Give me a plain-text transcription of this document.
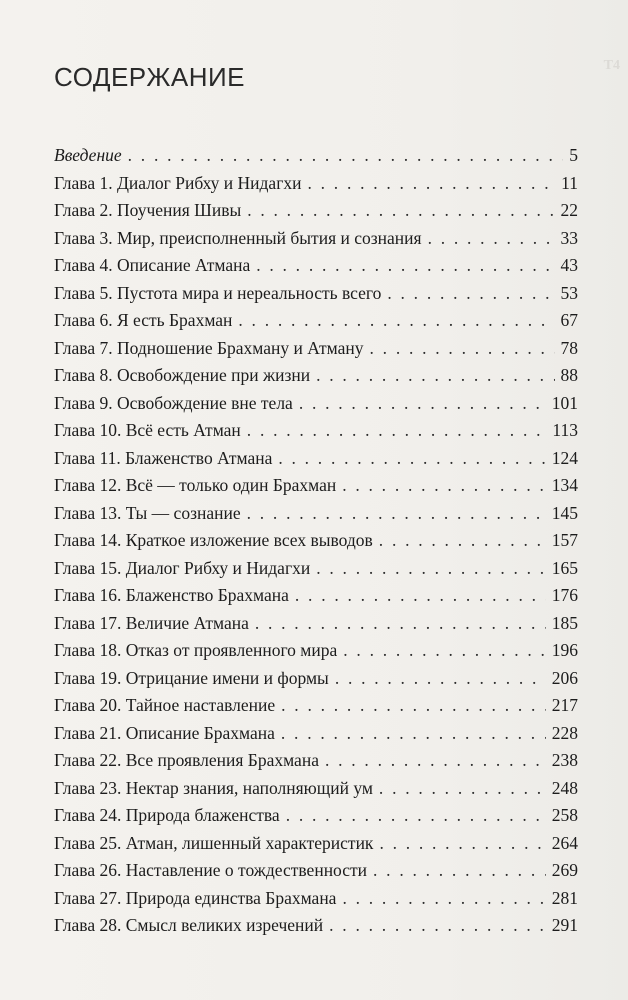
Т4
СОДЕРЖАНИЕ
Введение . . .	5
Глава 1. Диалог Рибху и Нидагхи . . .	11
Глава 2. Поучения Шивы . . .	22
Глава 3. Мир, преисполненный бытия и сознания . . .	33
Глава 4. Описание Атмана . . .	43
Глава 5. Пустота мира и нереальность всего . . .	53
Глава 6. Я есть Брахман . . .	67
Глава 7. Подношение Брахману и Атману . . .	78
Глава 8. Освобождение при жизни . . .	88
Глава 9. Освобождение вне тела . . .	101
Глава 10. Всё есть Атман . . .	113
Глава 11. Блаженство Атмана . . .	124
Глава 12. Всё — только один Брахман . . .	134
Глава 13. Ты — сознание . . .	145
Глава 14. Краткое изложение всех выводов . . .	157
Глава 15. Диалог Рибху и Нидагхи . . .	165
Глава 16. Блаженство Брахмана . . .	176
Глава 17. Величие Атмана . . .	185
Глава 18. Отказ от проявленного мира . . .	196
Глава 19. Отрицание имени и формы . . .	206
Глава 20. Тайное наставление . . .	217
Глава 21. Описание Брахмана . . .	228
Глава 22. Все проявления Брахмана . . .	238
Глава 23. Нектар знания, наполняющий ум . . .	248
Глава 24. Природа блаженства . . .	258
Глава 25. Атман, лишенный характеристик . . .	264
Глава 26. Наставление о тождественности . . .	269
Глава 27. Природа единства Брахмана . . .	281
Глава 28. Смысл великих изречений . . .	291
